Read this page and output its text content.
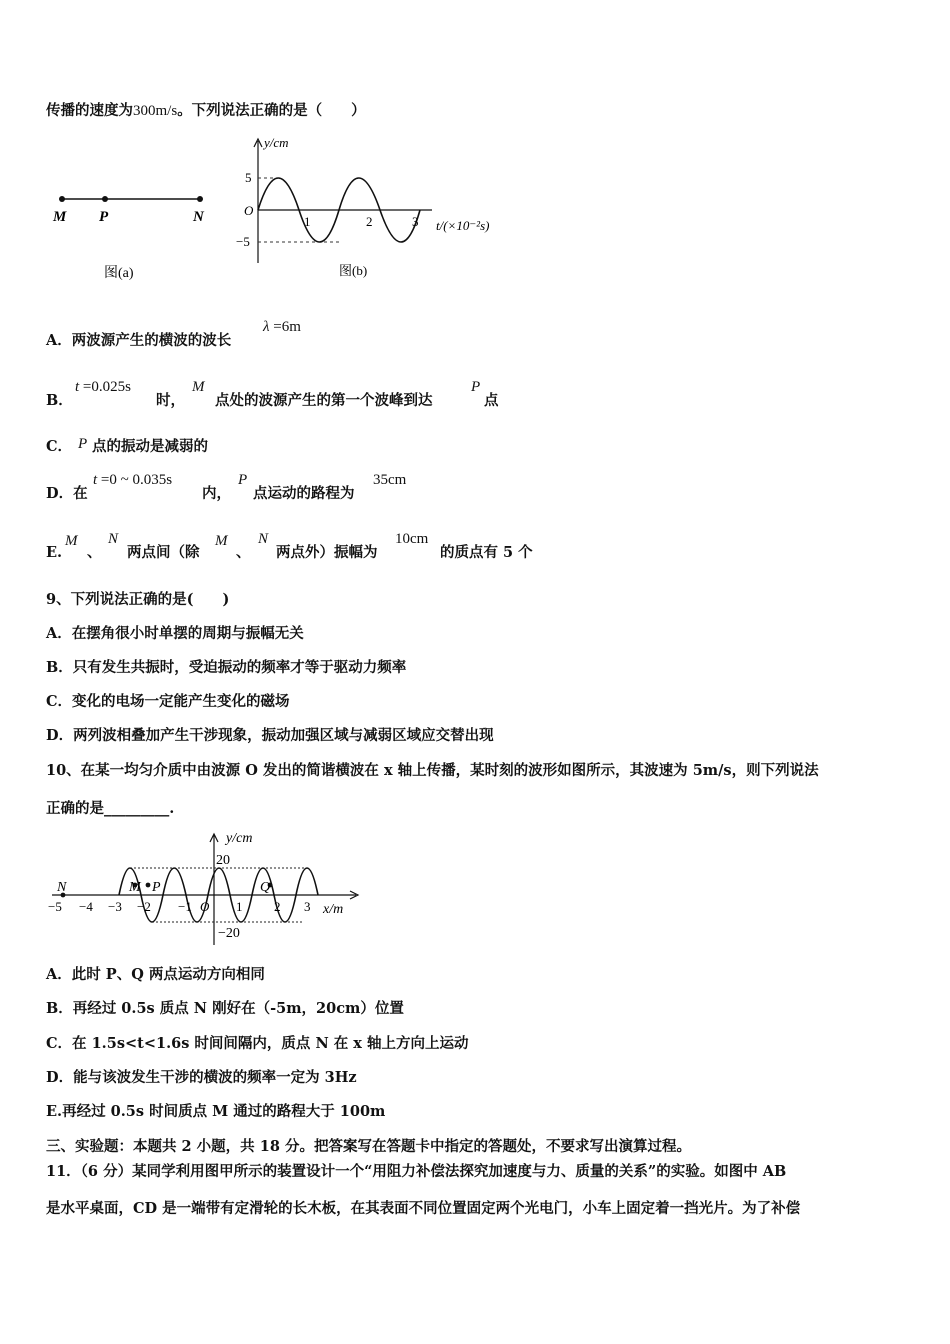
传播的速度为300m/s。下列说法正确的是（　　）
M P	N
图(a)
y/cm
5
−5
O
1	2	3 t/(×10⁻²s)
图(b)
A．两波源产生的横波的波长
λ =6m
B．
t =0.025s
时，
M
点处的波源产生的第一个波峰到达
P
点
C． P 点的振动是减弱的
D．在
t =0 ~ 0.035s
内，
P
点运动的路程为
35cm
E.
M
、
N
两点间（除
M
、
N
两点外）振幅为
10cm
的质点有 5 个
9、下列说法正确的是(　　)
A．在摆角很小时单摆的周期与振幅无关
B．只有发生共振时，受迫振动的频率才等于驱动力频率
C．变化的电场一定能产生变化的磁场
D．两列波相叠加产生干涉现象，振动加强区域与减弱区域应交替出现
10、在某一均匀介质中由波源 O 发出的简谐横波在 x 轴上传播，某时刻的波形如图所示，其波速为 5m/s，则下列说法
正确的是_________.
y/cm
20
−20
N	M P	Q
−5 −4 −3 −2 −1 O 1 2 3 x/m
A．此时 P、Q 两点运动方向相同
B．再经过 0.5s 质点 N 刚好在（-5m，20cm）位置
C．在 1.5s<t<1.6s 时间间隔内，质点 N 在 x 轴上方向上运动
D．能与该波发生干涉的横波的频率一定为 3Hz
E.再经过 0.5s 时间质点 M 通过的路程大于 100m
三、实验题：本题共 2 小题，共 18 分。把答案写在答题卡中指定的答题处，不要求写出演算过程。
11．（6 分）某同学利用图甲所示的装置设计一个“用阻力补偿法探究加速度与力、质量的关系”的实验。如图中 AB
是水平桌面，CD 是一端带有定滑轮的长木板，在其表面不同位置固定两个光电门，小车上固定着一挡光片。为了补偿
